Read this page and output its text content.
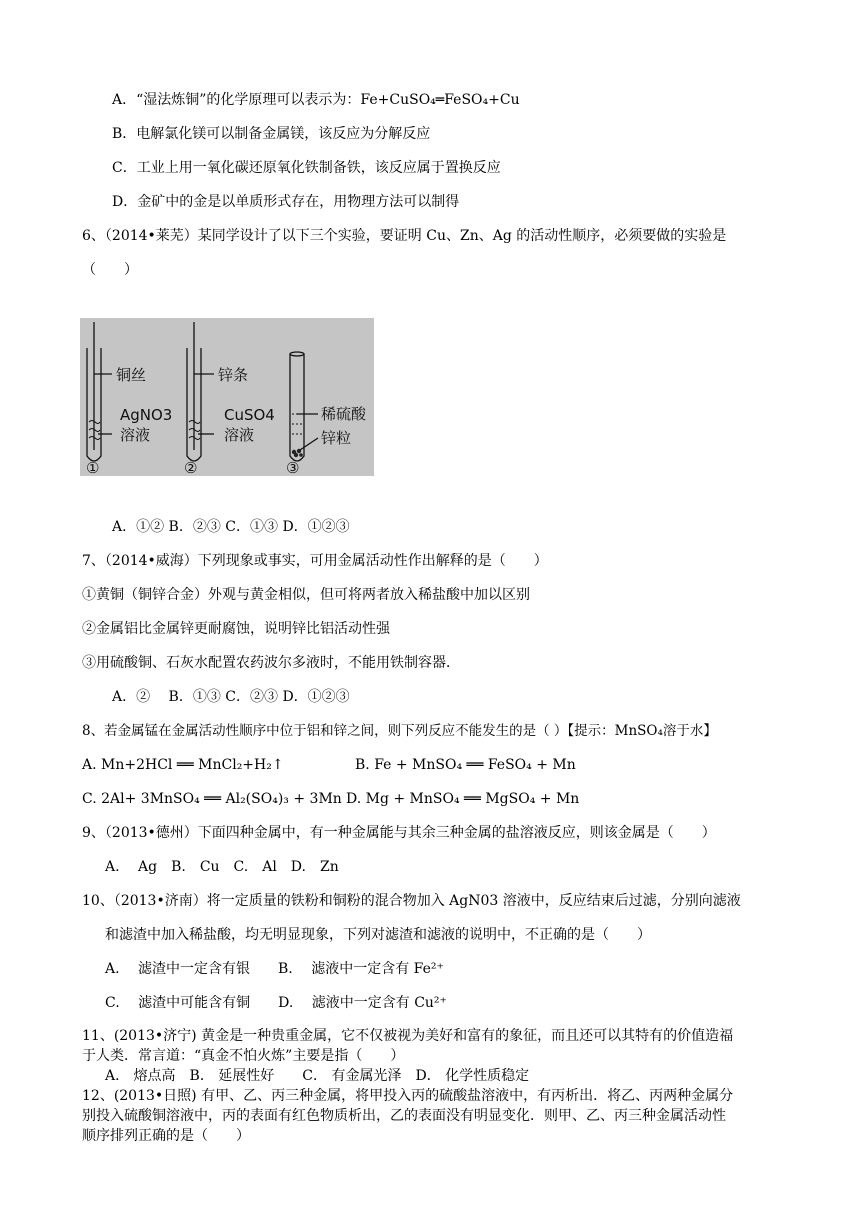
A．“湿法炼铜”的化学原理可以表示为：Fe+CuSO₄═FeSO₄+Cu
B．电解氯化镁可以制备金属镁，该反应为分解反应
C．工业上用一氧化碳还原氧化铁制备铁，该反应属于置换反应
D．金矿中的金是以单质形式存在，用物理方法可以制得
6、（2014•莱芜）某同学设计了以下三个实验，要证明 Cu、Zn、Ag 的活动性顺序，必须要做的实验是
（　　）
铜丝
AgNO3
溶液
①
锌条
CuSO4
溶液
②
稀硫酸
锌粒
③
A．①② B．②③ C．①③ D．①②③
7、（2014•威海）下列现象或事实，可用金属活动性作出解释的是（　　）
①黄铜（铜锌合金）外观与黄金相似，但可将两者放入稀盐酸中加以区别
②金属铝比金属锌更耐腐蚀，说明锌比铝活动性强
③用硫酸铜、石灰水配置农药波尔多液时，不能用铁制容器．
A．②　 B．①③ C．②③ D．①②③
8、若金属锰在金属活动性顺序中位于铝和锌之间，则下列反应不能发生的是（ ）【提示：MnSO₄溶于水】
A. Mn+2HCl ══ MnCl₂+H₂↑	B. Fe + MnSO₄ ══ FeSO₄ + Mn
C. 2Al+ 3MnSO₄ ══ Al₂(SO₄)₃ + 3Mn D. Mg + MnSO₄ ══ MgSO₄ + Mn
9、（2013•德州）下面四种金属中，有一种金属能与其余三种金属的盐溶液反应，则该金属是（　　）
A.　 Ag　B.　Cu　C.　Al　D.　Zn
10、（2013•济南）将一定质量的铁粉和铜粉的混合物加入 AgN03 溶液中，反应结束后过滤，分别向滤液
和滤渣中加入稀盐酸，均无明显现象，下列对滤渣和滤液的说明中，不正确的是（　　）
A.　 滤渣中一定含有银　　B.　 滤液中一定含有 Fe²⁺
C.　 滤渣中可能含有铜　　D.　 滤液中一定含有 Cu²⁺
11、(2013•济宁) 黄金是一种贵重金属，它不仅被视为美好和富有的象征，而且还可以其特有的价值造福
于人类．常言道：“真金不怕火炼”主要是指（　　）
A． 熔点高　B． 延展性好　　C． 有金属光泽　D． 化学性质稳定
12、(2013•日照) 有甲、乙、丙三种金属，将甲投入丙的硫酸盐溶液中，有丙析出．将乙、丙两种金属分
别投入硫酸铜溶液中，丙的表面有红色物质析出，乙的表面没有明显变化．则甲、乙、丙三种金属活动性
顺序排列正确的是（　　）
